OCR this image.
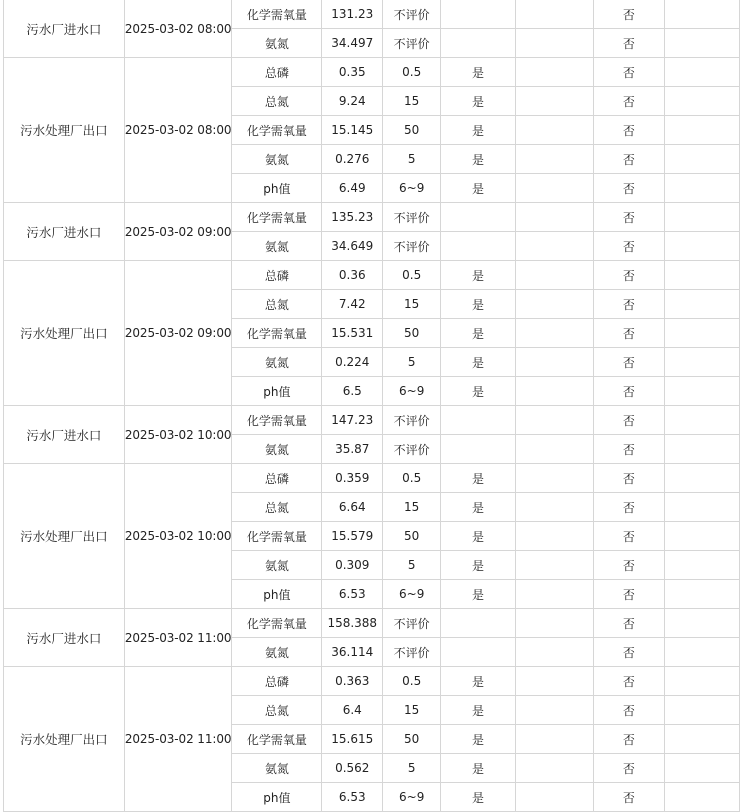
污水厂进水口	2025-03-02 08:00	化学需氧量	131.23	不评价			否	
		氨氮	34.497	不评价			否	
污水处理厂出口	2025-03-02 08:00	总磷	0.35	0.5	是		否	
		总氮	9.24	15	是		否	
		化学需氧量	15.145	50	是		否	
		氨氮	0.276	5	是		否	
		ph值	6.49	6~9	是		否	
污水厂进水口	2025-03-02 09:00	化学需氧量	135.23	不评价			否	
		氨氮	34.649	不评价			否	
污水处理厂出口	2025-03-02 09:00	总磷	0.36	0.5	是		否	
		总氮	7.42	15	是		否	
		化学需氧量	15.531	50	是		否	
		氨氮	0.224	5	是		否	
		ph值	6.5	6~9	是		否	
污水厂进水口	2025-03-02 10:00	化学需氧量	147.23	不评价			否	
		氨氮	35.87	不评价			否	
污水处理厂出口	2025-03-02 10:00	总磷	0.359	0.5	是		否	
		总氮	6.64	15	是		否	
		化学需氧量	15.579	50	是		否	
		氨氮	0.309	5	是		否	
		ph值	6.53	6~9	是		否	
污水厂进水口	2025-03-02 11:00	化学需氧量	158.388	不评价			否	
		氨氮	36.114	不评价			否	
污水处理厂出口	2025-03-02 11:00	总磷	0.363	0.5	是		否	
		总氮	6.4	15	是		否	
		化学需氧量	15.615	50	是		否	
		氨氮	0.562	5	是		否	
		ph值	6.53	6~9	是		否	
